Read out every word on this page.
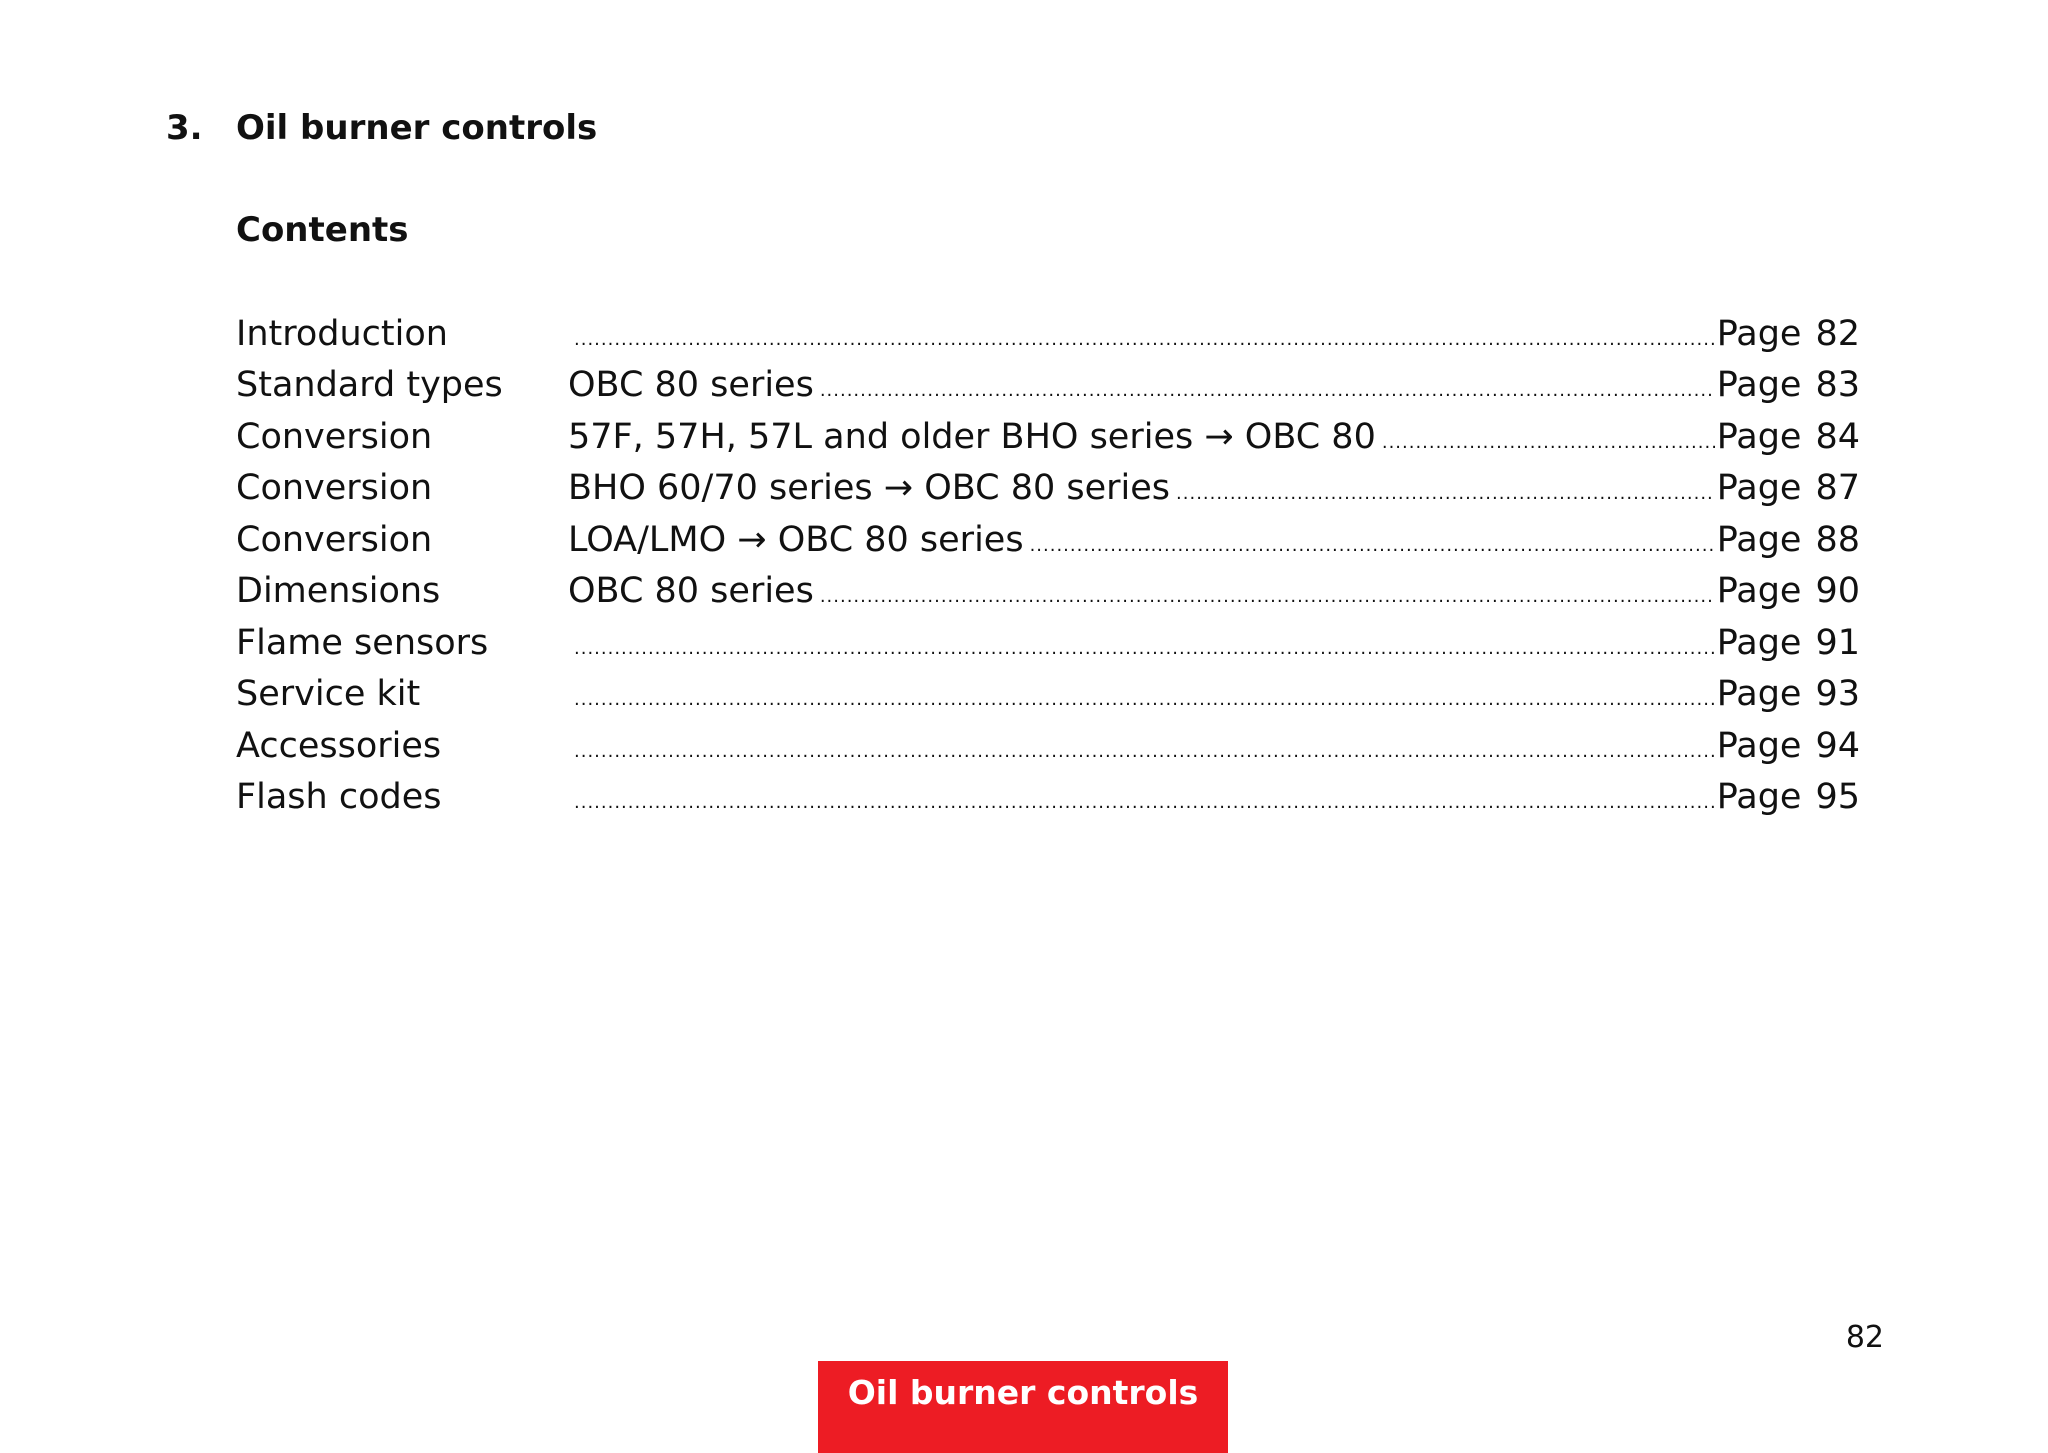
3. Oil burner controls
Contents
Introduction .....	Page 82
Standard types	OBC 80 series .....	Page 83
Conversion	57F, 57H, 57L and older BHO series → OBC 80 .....	Page 84
Conversion	BHO 60/70 series → OBC 80 series .....	Page 87
Conversion	LOA/LMO → OBC 80 series .....	Page 88
Dimensions	OBC 80 series .....	Page 90
Flame sensors .....	Page 91
Service kit .....	Page 93
Accessories .....	Page 94
Flash codes .....	Page 95
82
Oil burner controls
